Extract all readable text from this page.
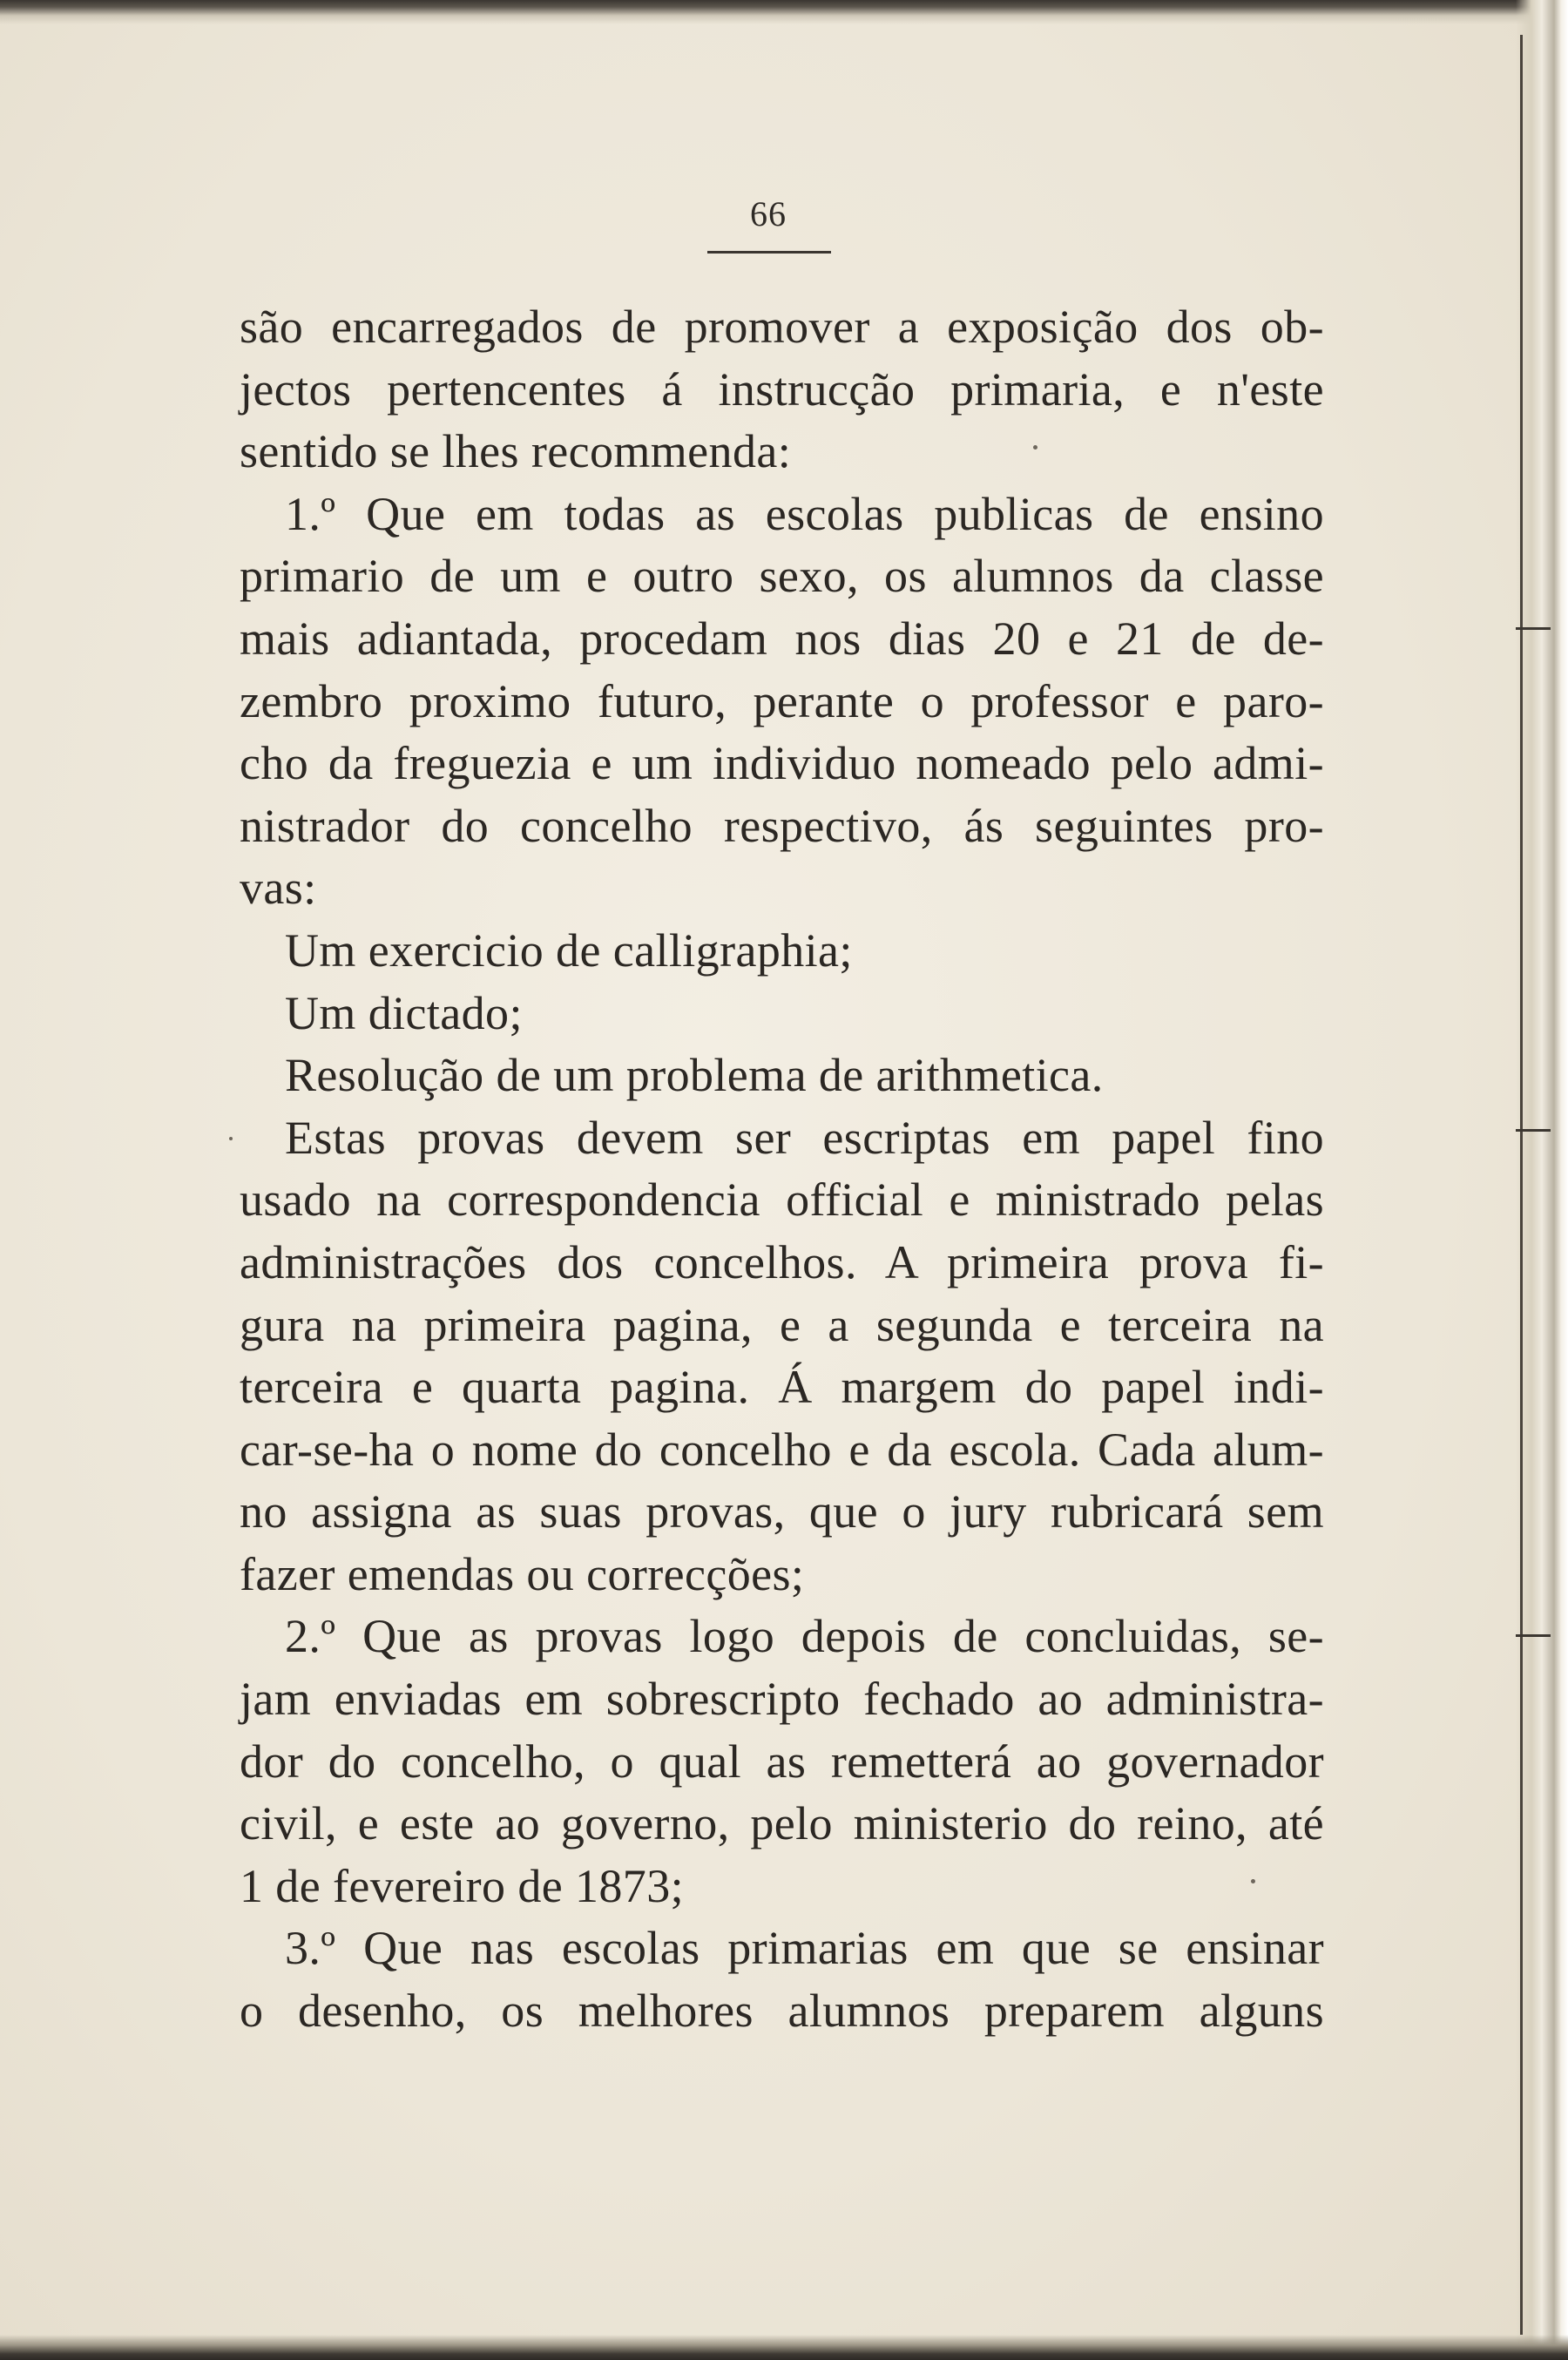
66
são encarregados de promover a exposição dos ob-
jectos pertencentes á instrucção primaria, e n'este
sentido se lhes recommenda:
1.º Que em todas as escolas publicas de ensino
primario de um e outro sexo, os alumnos da classe
mais adiantada, procedam nos dias 20 e 21 de de-
zembro proximo futuro, perante o professor e paro-
cho da freguezia e um individuo nomeado pelo admi-
nistrador do concelho respectivo, ás seguintes pro-
vas:
Um exercicio de calligraphia;
Um dictado;
Resolução de um problema de arithmetica.
Estas provas devem ser escriptas em papel fino
usado na correspondencia official e ministrado pelas
administrações dos concelhos. A primeira prova fi-
gura na primeira pagina, e a segunda e terceira na
terceira e quarta pagina. Á margem do papel indi-
car-se-ha o nome do concelho e da escola. Cada alum-
no assigna as suas provas, que o jury rubricará sem
fazer emendas ou correcções;
2.º Que as provas logo depois de concluidas, se-
jam enviadas em sobrescripto fechado ao administra-
dor do concelho, o qual as remetterá ao governador
civil, e este ao governo, pelo ministerio do reino, até
1 de fevereiro de 1873;
3.º Que nas escolas primarias em que se ensinar
o desenho, os melhores alumnos preparem alguns
